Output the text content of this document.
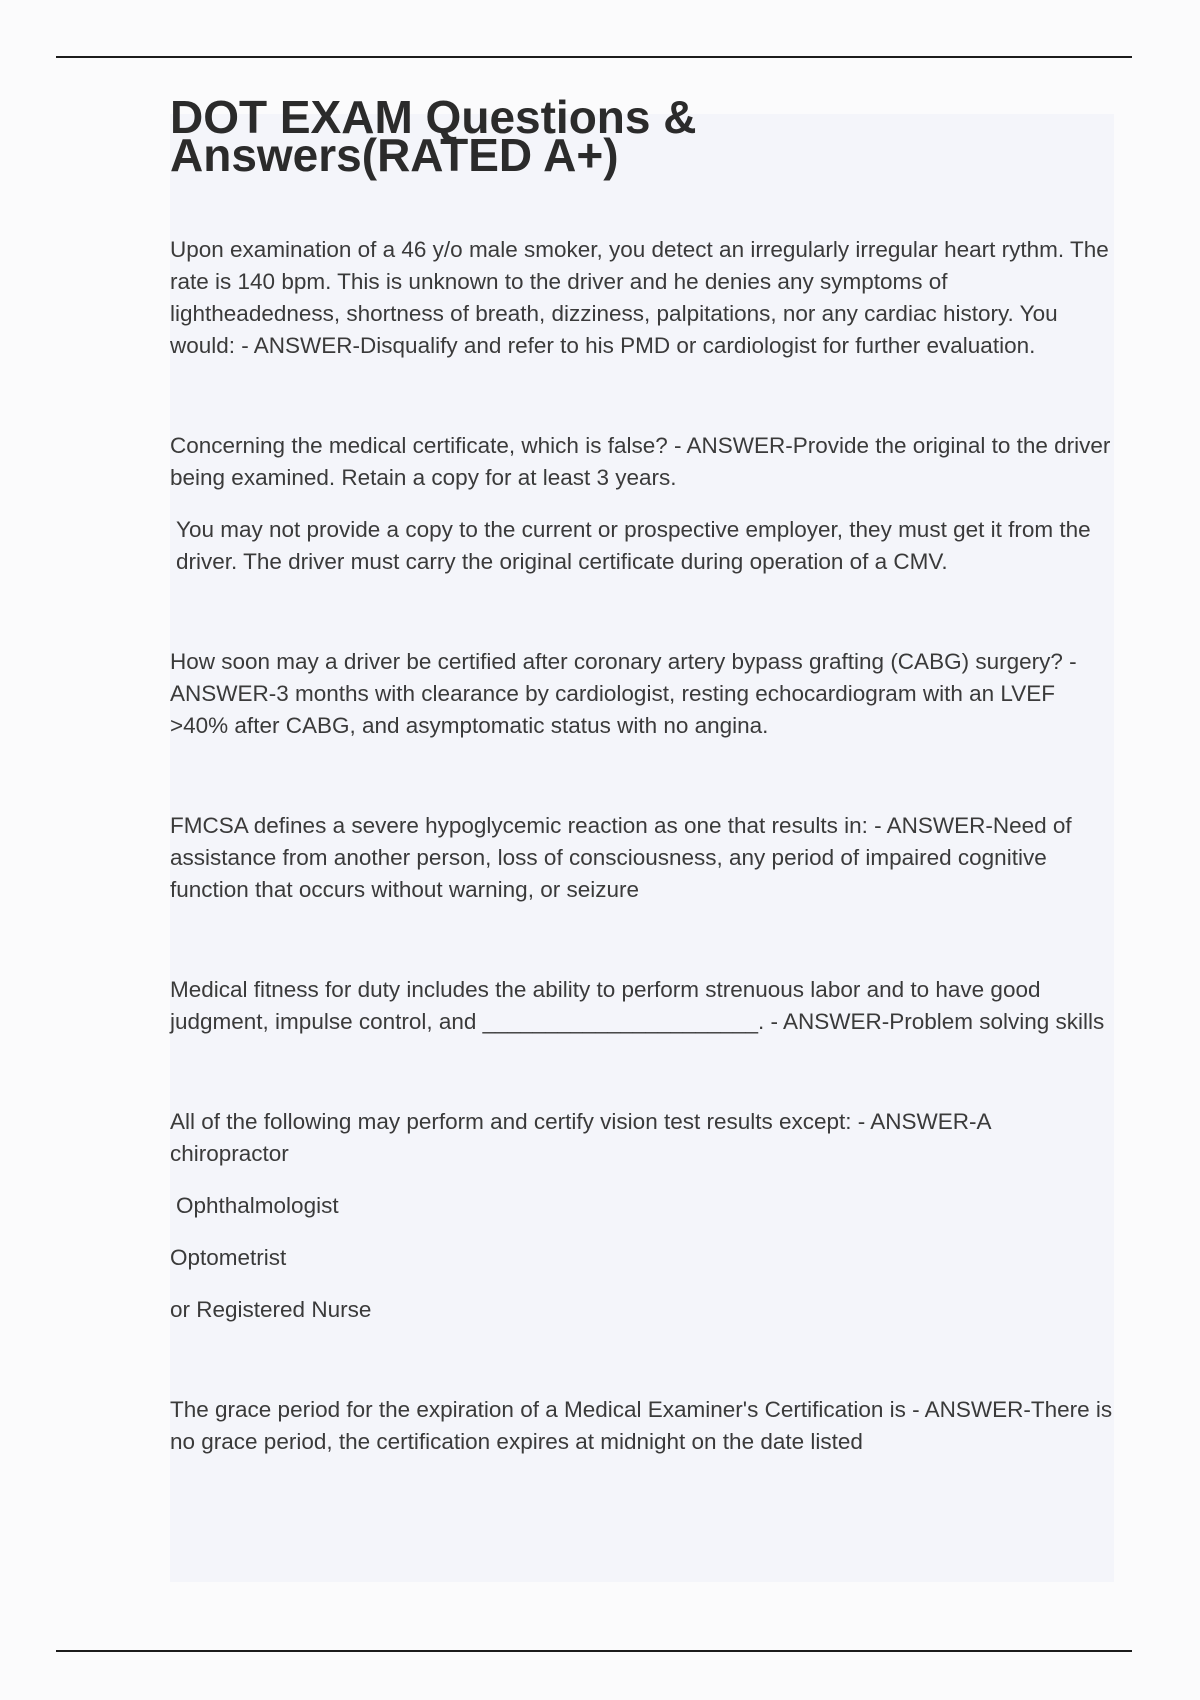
DOT EXAM Questions &
Answers(RATED A+)

Upon examination of a 46 y/o male smoker, you detect an irregularly irregular heart rythm. The rate is 140 bpm. This is unknown to the driver and he denies any symptoms of lightheadedness, shortness of breath, dizziness, palpitations, nor any cardiac history. You would: - ANSWER-Disqualify and refer to his PMD or cardiologist for further evaluation.

Concerning the medical certificate, which is false? - ANSWER-Provide the original to the driver being examined. Retain a copy for at least 3 years.

You may not provide a copy to the current or prospective employer, they must get it from the driver. The driver must carry the original certificate during operation of a CMV.

How soon may a driver be certified after coronary artery bypass grafting (CABG) surgery? - ANSWER-3 months with clearance by cardiologist, resting echocardiogram with an LVEF >40% after CABG, and asymptomatic status with no angina.

FMCSA defines a severe hypoglycemic reaction as one that results in: - ANSWER-Need of assistance from another person, loss of consciousness, any period of impaired cognitive function that occurs without warning, or seizure

Medical fitness for duty includes the ability to perform strenuous labor and to have good judgment, impulse control, and ______________________. - ANSWER-Problem solving skills

All of the following may perform and certify vision test results except: - ANSWER-A chiropractor

Ophthalmologist

Optometrist

or Registered Nurse

The grace period for the expiration of a Medical Examiner's Certification is - ANSWER-There is no grace period, the certification expires at midnight on the date listed
